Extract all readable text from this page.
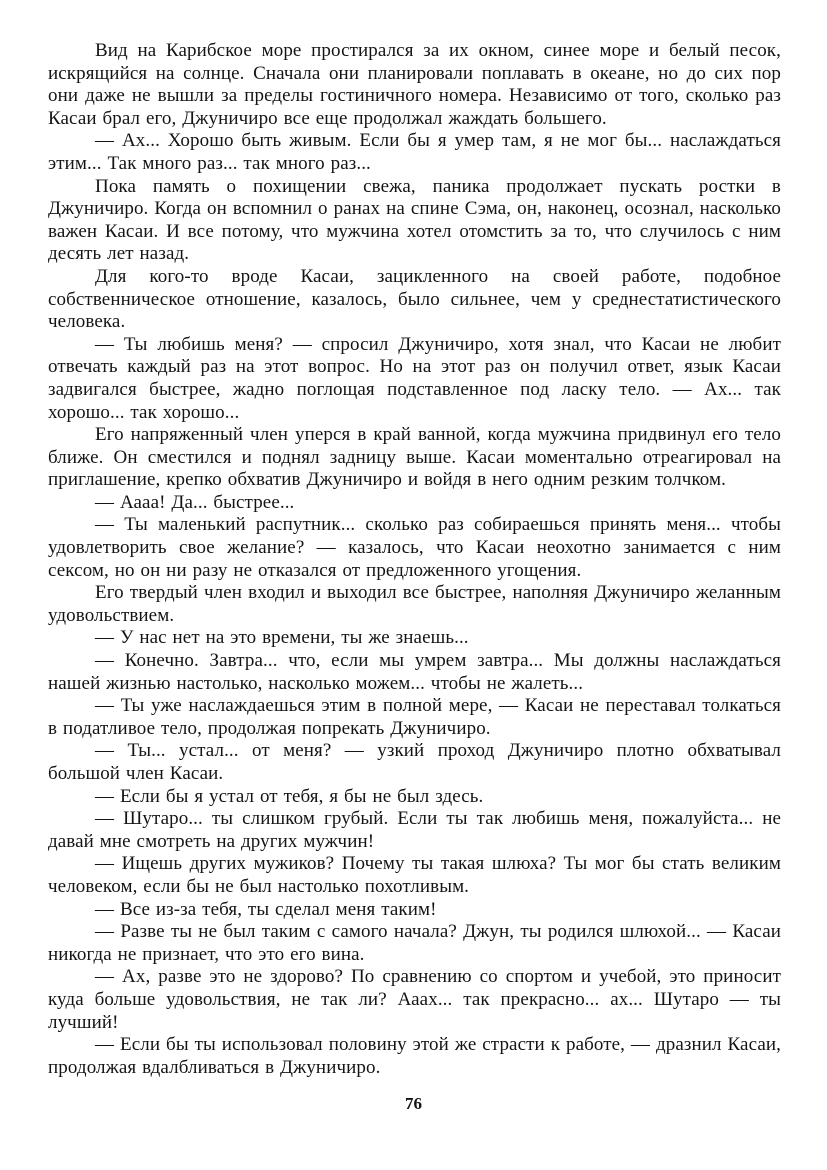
Вид на Карибское море простирался за их окном, синее море и белый песок, искрящийся на солнце. Сначала они планировали поплавать в океане, но до сих пор они даже не вышли за пределы гостиничного номера. Независимо от того, сколько раз Касаи брал его, Джуничиро все еще продолжал жаждать большего.

— Ах... Хорошо быть живым. Если бы я умер там, я не мог бы... наслаждаться этим... Так много раз... так много раз...

Пока память о похищении свежа, паника продолжает пускать ростки в Джуничиро. Когда он вспомнил о ранах на спине Сэма, он, наконец, осознал, насколько важен Касаи. И все потому, что мужчина хотел отомстить за то, что случилось с ним десять лет назад.

Для кого-то вроде Касаи, зацикленного на своей работе, подобное собственническое отношение, казалось, было сильнее, чем у среднестатистического человека.

— Ты любишь меня? — спросил Джуничиро, хотя знал, что Касаи не любит отвечать каждый раз на этот вопрос. Но на этот раз он получил ответ, язык Касаи задвигался быстрее, жадно поглощая подставленное под ласку тело. — Ах... так хорошо... так хорошо...

Его напряженный член уперся в край ванной, когда мужчина придвинул его тело ближе. Он сместился и поднял задницу выше. Касаи моментально отреагировал на приглашение, крепко обхватив Джуничиро и войдя в него одним резким толчком.

— Аааа! Да... быстрее...

— Ты маленький распутник... сколько раз собираешься принять меня... чтобы удовлетворить свое желание? — казалось, что Касаи неохотно занимается с ним сексом, но он ни разу не отказался от предложенного угощения.

Его твердый член входил и выходил все быстрее, наполняя Джуничиро желанным удовольствием.

— У нас нет на это времени, ты же знаешь...

— Конечно. Завтра... что, если мы умрем завтра... Мы должны наслаждаться нашей жизнью настолько, насколько можем... чтобы не жалеть...

— Ты уже наслаждаешься этим в полной мере, — Касаи не переставал толкаться в податливое тело, продолжая попрекать Джуничиро.

— Ты... устал... от меня? — узкий проход Джуничиро плотно обхватывал большой член Касаи.

— Если бы я устал от тебя, я бы не был здесь.

— Шутаро... ты слишком грубый. Если ты так любишь меня, пожалуйста... не давай мне смотреть на других мужчин!

— Ищешь других мужиков? Почему ты такая шлюха? Ты мог бы стать великим человеком, если бы не был настолько похотливым.

— Все из-за тебя, ты сделал меня таким!

— Разве ты не был таким с самого начала? Джун, ты родился шлюхой... — Касаи никогда не признает, что это его вина.

— Ах, разве это не здорово? По сравнению со спортом и учебой, это приносит куда больше удовольствия, не так ли? Ааах... так прекрасно... ах... Шутаро — ты лучший!

— Если бы ты использовал половину этой же страсти к работе, — дразнил Касаи, продолжая вдалбливаться в Джуничиро.

76
